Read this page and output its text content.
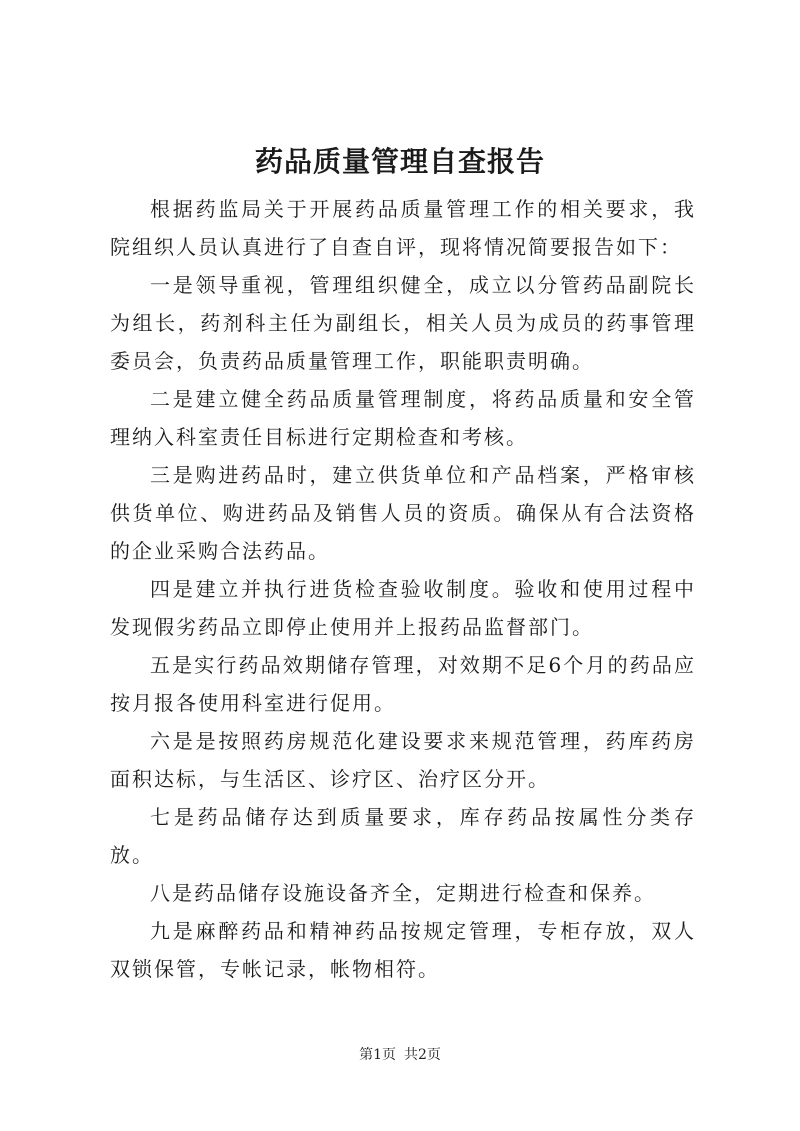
药品质量管理自查报告

根据药监局关于开展药品质量管理工作的相关要求，我院组织人员认真进行了自查自评，现将情况简要报告如下：

一是领导重视，管理组织健全，成立以分管药品副院长为组长，药剂科主任为副组长，相关人员为成员的药事管理委员会，负责药品质量管理工作，职能职责明确。

二是建立健全药品质量管理制度，将药品质量和安全管理纳入科室责任目标进行定期检查和考核。

三是购进药品时，建立供货单位和产品档案，严格审核供货单位、购进药品及销售人员的资质。确保从有合法资格的企业采购合法药品。

四是建立并执行进货检查验收制度。验收和使用过程中发现假劣药品立即停止使用并上报药品监督部门。

五是实行药品效期储存管理，对效期不足6个月的药品应按月报各使用科室进行促用。

六是是按照药房规范化建设要求来规范管理，药库药房面积达标，与生活区、诊疗区、治疗区分开。

七是药品储存达到质量要求，库存药品按属性分类存放。

八是药品储存设施设备齐全，定期进行检查和保养。

九是麻醉药品和精神药品按规定管理，专柜存放，双人双锁保管，专帐记录，帐物相符。

第1页 共2页
